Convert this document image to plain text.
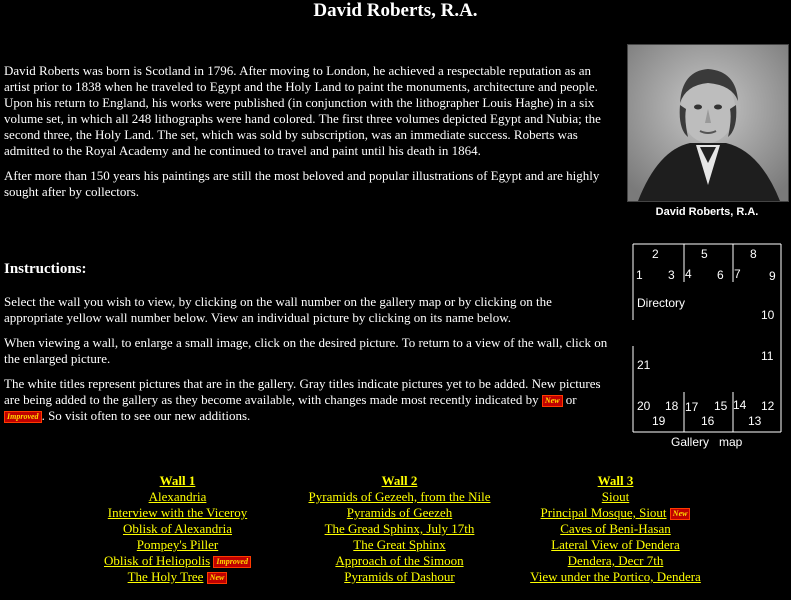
David Roberts, R.A.

David Roberts was born is Scotland in 1796. After moving to London, he achieved a respectable reputation as an artist prior to 1838 when he traveled to Egypt and the Holy Land to paint the monuments, architecture and people. Upon his return to England, his works were published (in conjunction with the lithographer Louis Haghe) in a six volume set, in which all 248 lithographs were hand colored. The first three volumes depicted Egypt and Nubia; the second three, the Holy Land. The set, which was sold by subscription, was an immediate success. Roberts was admitted to the Royal Academy and he continued to travel and paint until his death in 1864.

After more than 150 years his paintings are still the most beloved and popular illustrations of Egypt and are highly sought after by collectors.

David Roberts, R.A.
Instructions:

Select the wall you wish to view, by clicking on the wall number on the gallery map or by clicking on the appropriate yellow wall number below. View an individual picture by clicking on its name below.

When viewing a wall, to enlarge a small image, click on the desired picture. To return to a view of the wall, click on the enlarged picture.

The white titles represent pictures that are in the gallery. Gray titles indicate pictures yet to be added. New pictures are being added to the gallery as they become available, with changes made most recently indicated by New or Improved . So visit often to see our new additions.

2	5	8
1 3 4 6 7 9
Directory
10
11
21
20 18 17 15 14 12
19	16	13
Gallery   map
Wall 1
Alexandria
Interview with the Viceroy
Oblisk of Alexandria
Pompey's Piller
Oblisk of Heliopolis Improved
The Holy Tree New
Wall 2
Pyramids of Gezeeh, from the Nile
Pyramids of Geezeh
The Gread Sphinx, July 17th
The Great Sphinx
Approach of the Simoon
Pyramids of Dashour
Wall 3
Siout
Principal Mosque, Siout New
Caves of Beni-Hasan
Lateral View of Dendera
Dendera, Decr 7th
View under the Portico, Dendera
